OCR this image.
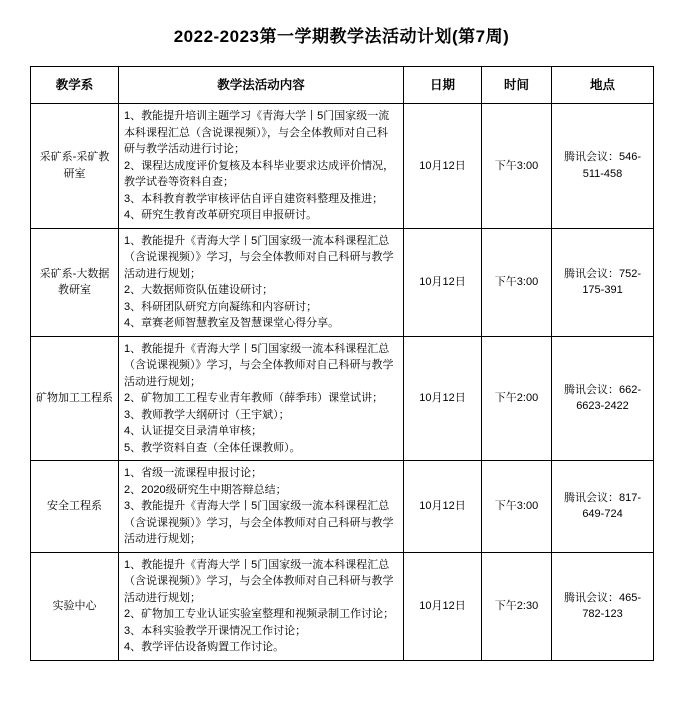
2022-2023第一学期教学法活动计划(第7周)
教学系	教学法活动内容	日期	时间	地点
采矿系-采矿教研室	1、教能提升培训主题学习《青海大学丨5门国家级一流本科课程汇总（含说课视频）》，与会全体教师对自己科研与教学活动进行讨论；
2、课程达成度评价复核及本科毕业要求达成评价情况，教学试卷等资料自查；
3、本科教育教学审核评估自评自建资料整理及推进；
4、研究生教育改革研究项目申报研讨。	10月12日	下午3:00	腾讯会议：546-511-458
采矿系-大数据教研室	1、教能提升《青海大学丨5门国家级一流本科课程汇总（含说课视频）》学习，与会全体教师对自己科研与教学活动进行规划；
2、大数据师资队伍建设研讨；
3、科研团队研究方向凝练和内容研讨；
4、章赛老师智慧教室及智慧课堂心得分享。	10月12日	下午3:00	腾讯会议：752-175-391
矿物加工工程系	1、教能提升《青海大学丨5门国家级一流本科课程汇总（含说课视频）》学习，与会全体教师对自己科研与教学活动进行规划；
2、矿物加工工程专业青年教师（薛季玮）课堂试讲；
3、教师教学大纲研讨（王宇斌）；
4、认证提交目录清单审核；
5、教学资料自查（全体任课教师）。	10月12日	下午2:00	腾讯会议：662-6623-2422
安全工程系	1、省级一流课程申报讨论；
2、2020级研究生中期答辩总结；
3、教能提升《青海大学丨5门国家级一流本科课程汇总（含说课视频）》学习，与会全体教师对自己科研与教学活动进行规划；	10月12日	下午3:00	腾讯会议：817-649-724
实验中心	1、教能提升《青海大学丨5门国家级一流本科课程汇总（含说课视频）》学习，与会全体教师对自己科研与教学活动进行规划；
2、矿物加工专业认证实验室整理和视频录制工作讨论；
3、本科实验教学开课情况工作讨论；
4、教学评估设备购置工作讨论。	10月12日	下午2:30	腾讯会议：465-782-123
